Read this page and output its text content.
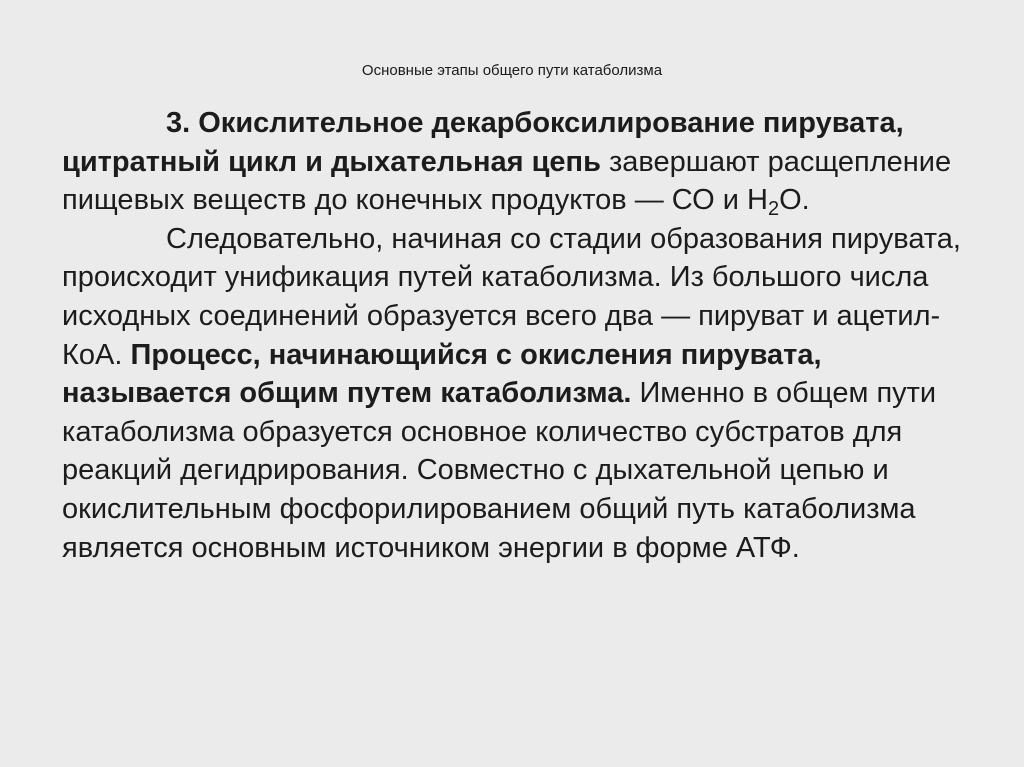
Основные этапы общего пути катаболизма

3. Окислительное декарбоксилирование пирувата, цитратный цикл и дыхательная цепь завершают расщепление пищевых веществ до конечных продуктов — СО и $Н_2О$.

Следовательно, начиная со стадии образования пирувата, происходит унификация путей катаболизма. Из большого числа исходных соединений образуется всего два — пируват и ацетил-КоА. Процесс, начинающийся с окисления пирувата, называется общим путем катаболизма. Именно в общем пути катаболизма образуется основное количество субстратов для реакций дегидрирования. Совместно с дыхательной цепью и окислительным фосфорилированием общий путь катаболизма является основным источником энергии в форме АТФ.
